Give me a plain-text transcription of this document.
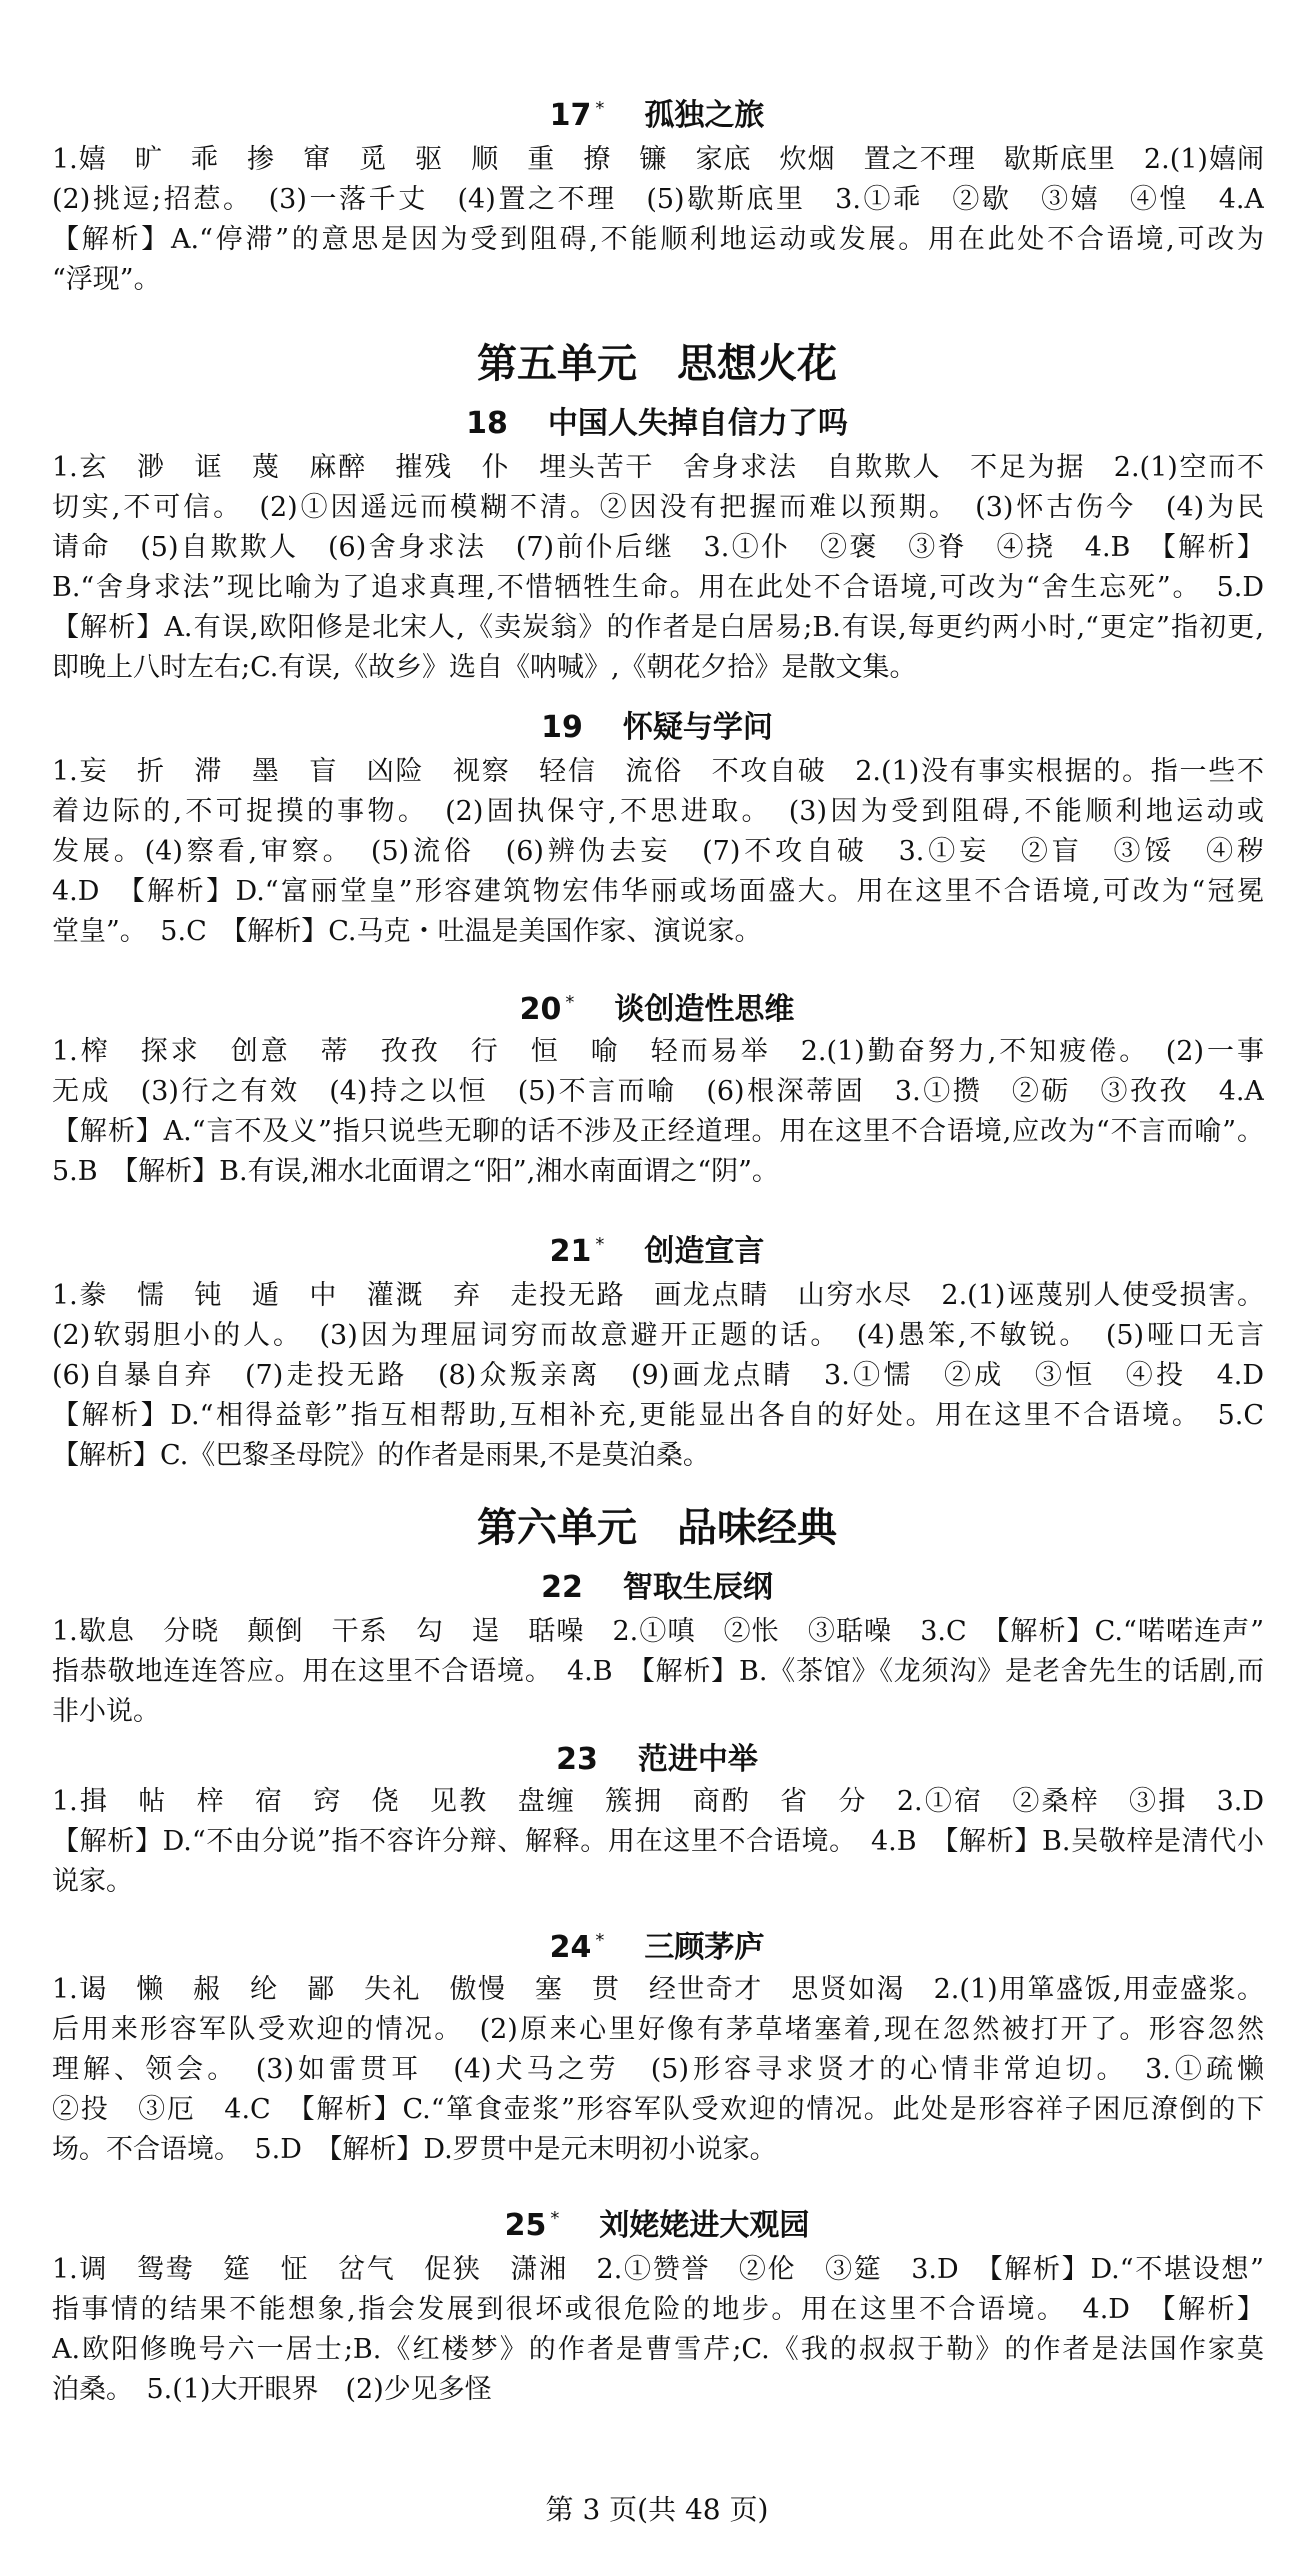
17 * 孤独之旅
1.嬉　旷　乖　掺　窜　觅　驱　顺　重　撩　镰　家底　炊烟　置之不理　歇斯底里　2.(1)嬉闹
(2)挑逗;招惹。　(3)一落千丈　(4)置之不理　(5)歇斯底里　3.①乖　②歇　③嬉　④惶　4.A
【解析】A.“停滞”的意思是因为受到阻碍,不能顺利地运动或发展。用在此处不合语境,可改为
“浮现”。
第五单元 思想火花
18 中国人失掉自信力了吗
1.玄　渺　诓　蔑　麻醉　摧残　仆　埋头苦干　舍身求法　自欺欺人　不足为据　2.(1)空而不
切实,不可信。　(2)①因遥远而模糊不清。②因没有把握而难以预期。　(3)怀古伤今　(4)为民
请命　(5)自欺欺人　(6)舍身求法　(7)前仆后继　3.①仆　②褒　③脊　④挠　4.B　【解析】
B.“舍身求法”现比喻为了追求真理,不惜牺牲生命。用在此处不合语境,可改为“舍生忘死”。　5.D
【解析】A.有误,欧阳修是北宋人,《卖炭翁》的作者是白居易;B.有误,每更约两小时,“更定”指初更,
即晚上八时左右;C.有误,《故乡》选自《呐喊》,《朝花夕拾》是散文集。
19 怀疑与学问
1.妄　折　滞　墨　盲　凶险　视察　轻信　流俗　不攻自破　2.(1)没有事实根据的。指一些不
着边际的,不可捉摸的事物。　(2)固执保守,不思进取。　(3)因为受到阻碍,不能顺利地运动或
发展。(4)察看,审察。　(5)流俗　(6)辨伪去妄　(7)不攻自破　3.①妄　②盲　③馁　④秽
4.D　【解析】D.“富丽堂皇”形容建筑物宏伟华丽或场面盛大。用在这里不合语境,可改为“冠冕
堂皇”。　5.C　【解析】C.马克・吐温是美国作家、演说家。
20 * 谈创造性思维
1.榨　探求　创意　蒂　孜孜　行　恒　喻　轻而易举　2.(1)勤奋努力,不知疲倦。　(2)一事
无成　(3)行之有效　(4)持之以恒　(5)不言而喻　(6)根深蒂固　3.①攒　②砺　③孜孜　4.A
【解析】A.“言不及义”指只说些无聊的话不涉及正经道理。用在这里不合语境,应改为“不言而喻”。
5.B　【解析】B.有误,湘水北面谓之“阳”,湘水南面谓之“阴”。
21 * 创造宣言
1.豢　懦　钝　遁　中　灌溉　弃　走投无路　画龙点睛　山穷水尽　2.(1)诬蔑别人使受损害。
(2)软弱胆小的人。　(3)因为理屈词穷而故意避开正题的话。　(4)愚笨,不敏锐。　(5)哑口无言
(6)自暴自弃　(7)走投无路　(8)众叛亲离　(9)画龙点睛　3.①懦　②成　③恒　④投　4.D
【解析】D.“相得益彰”指互相帮助,互相补充,更能显出各自的好处。用在这里不合语境。　5.C
【解析】C.《巴黎圣母院》的作者是雨果,不是莫泊桑。
第六单元 品味经典
22 智取生辰纲
1.歇息　分晓　颠倒　干系　勾　逞　聒噪　2.①嗔　②怅　③聒噪　3.C　【解析】C.“喏喏连声”
指恭敬地连连答应。用在这里不合语境。　4.B　【解析】B.《茶馆》《龙须沟》是老舍先生的话剧,而
非小说。
23 范进中举
1.揖　帖　梓　宿　窍　侥　见教　盘缠　簇拥　商酌　省　分　2.①宿　②桑梓　③揖　3.D
【解析】D.“不由分说”指不容许分辩、解释。用在这里不合语境。　4.B　【解析】B.吴敬梓是清代小
说家。
24 * 三顾茅庐
1.谒　懒　赧　纶　鄙　失礼　傲慢　塞　贯　经世奇才　思贤如渴　2.(1)用箪盛饭,用壶盛浆。
后用来形容军队受欢迎的情况。　(2)原来心里好像有茅草堵塞着,现在忽然被打开了。形容忽然
理解、领会。　(3)如雷贯耳　(4)犬马之劳　(5)形容寻求贤才的心情非常迫切。　3.①疏懒
②投　③厄　4.C　【解析】C.“箪食壶浆”形容军队受欢迎的情况。此处是形容祥子困厄潦倒的下
场。不合语境。　5.D　【解析】D.罗贯中是元末明初小说家。
25 * 刘姥姥进大观园
1.调　鸳鸯　筵　怔　岔气　促狭　潇湘　2.①赞誉　②伦　③筵　3.D　【解析】D.“不堪设想”
指事情的结果不能想象,指会发展到很坏或很危险的地步。用在这里不合语境。　4.D　【解析】
A.欧阳修晚号六一居士;B.《红楼梦》的作者是曹雪芹;C.《我的叔叔于勒》的作者是法国作家莫
泊桑。　5.(1)大开眼界　(2)少见多怪
第 3 页(共 48 页)
